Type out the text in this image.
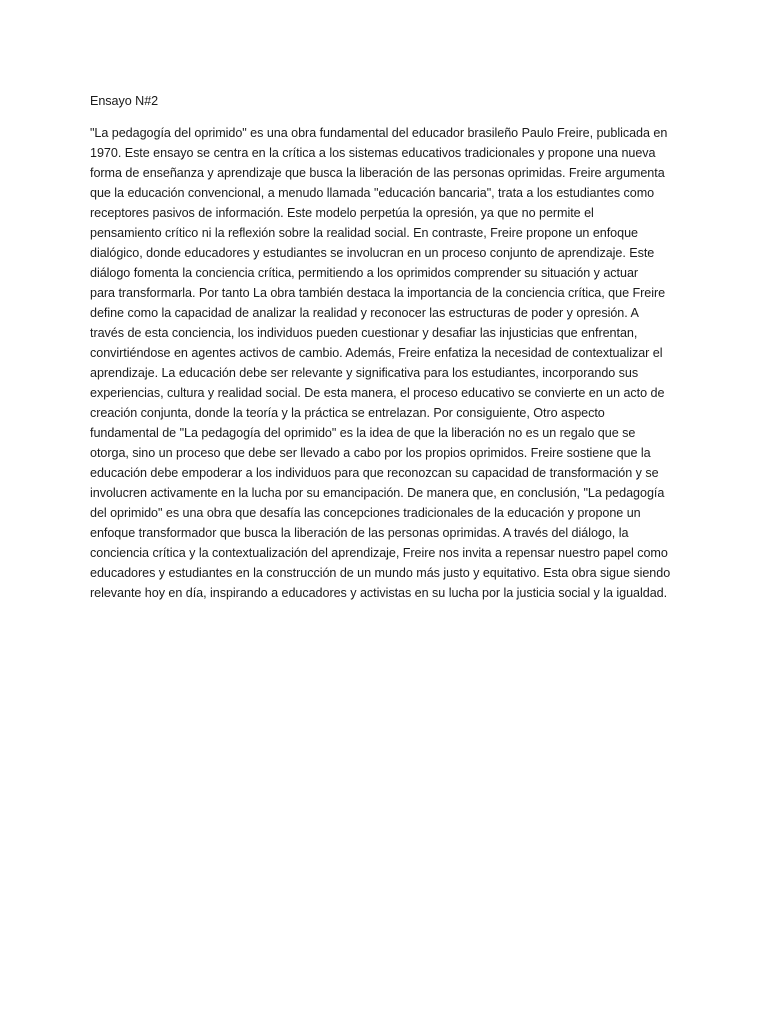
Ensayo N#2
"La pedagogía del oprimido" es una obra fundamental del educador brasileño Paulo Freire, publicada en
1970. Este ensayo se centra en la crítica a los sistemas educativos tradicionales y propone una nueva
forma de enseñanza y aprendizaje que busca la liberación de las personas oprimidas. Freire argumenta
que la educación convencional, a menudo llamada "educación bancaria", trata a los estudiantes como
receptores pasivos de información. Este modelo perpetúa la opresión, ya que no permite el
pensamiento crítico ni la reflexión sobre la realidad social. En contraste, Freire propone un enfoque
dialógico, donde educadores y estudiantes se involucran en un proceso conjunto de aprendizaje. Este
diálogo fomenta la conciencia crítica, permitiendo a los oprimidos comprender su situación y actuar
para transformarla. Por tanto La obra también destaca la importancia de la conciencia crítica, que Freire
define como la capacidad de analizar la realidad y reconocer las estructuras de poder y opresión. A
través de esta conciencia, los individuos pueden cuestionar y desafiar las injusticias que enfrentan,
convirtiéndose en agentes activos de cambio. Además, Freire enfatiza la necesidad de contextualizar el
aprendizaje. La educación debe ser relevante y significativa para los estudiantes, incorporando sus
experiencias, cultura y realidad social. De esta manera, el proceso educativo se convierte en un acto de
creación conjunta, donde la teoría y la práctica se entrelazan. Por consiguiente, Otro aspecto
fundamental de "La pedagogía del oprimido" es la idea de que la liberación no es un regalo que se
otorga, sino un proceso que debe ser llevado a cabo por los propios oprimidos. Freire sostiene que la
educación debe empoderar a los individuos para que reconozcan su capacidad de transformación y se
involucren activamente en la lucha por su emancipación. De manera que, en conclusión, "La pedagogía
del oprimido" es una obra que desafía las concepciones tradicionales de la educación y propone un
enfoque transformador que busca la liberación de las personas oprimidas. A través del diálogo, la
conciencia crítica y la contextualización del aprendizaje, Freire nos invita a repensar nuestro papel como
educadores y estudiantes en la construcción de un mundo más justo y equitativo. Esta obra sigue siendo
relevante hoy en día, inspirando a educadores y activistas en su lucha por la justicia social y la igualdad.
